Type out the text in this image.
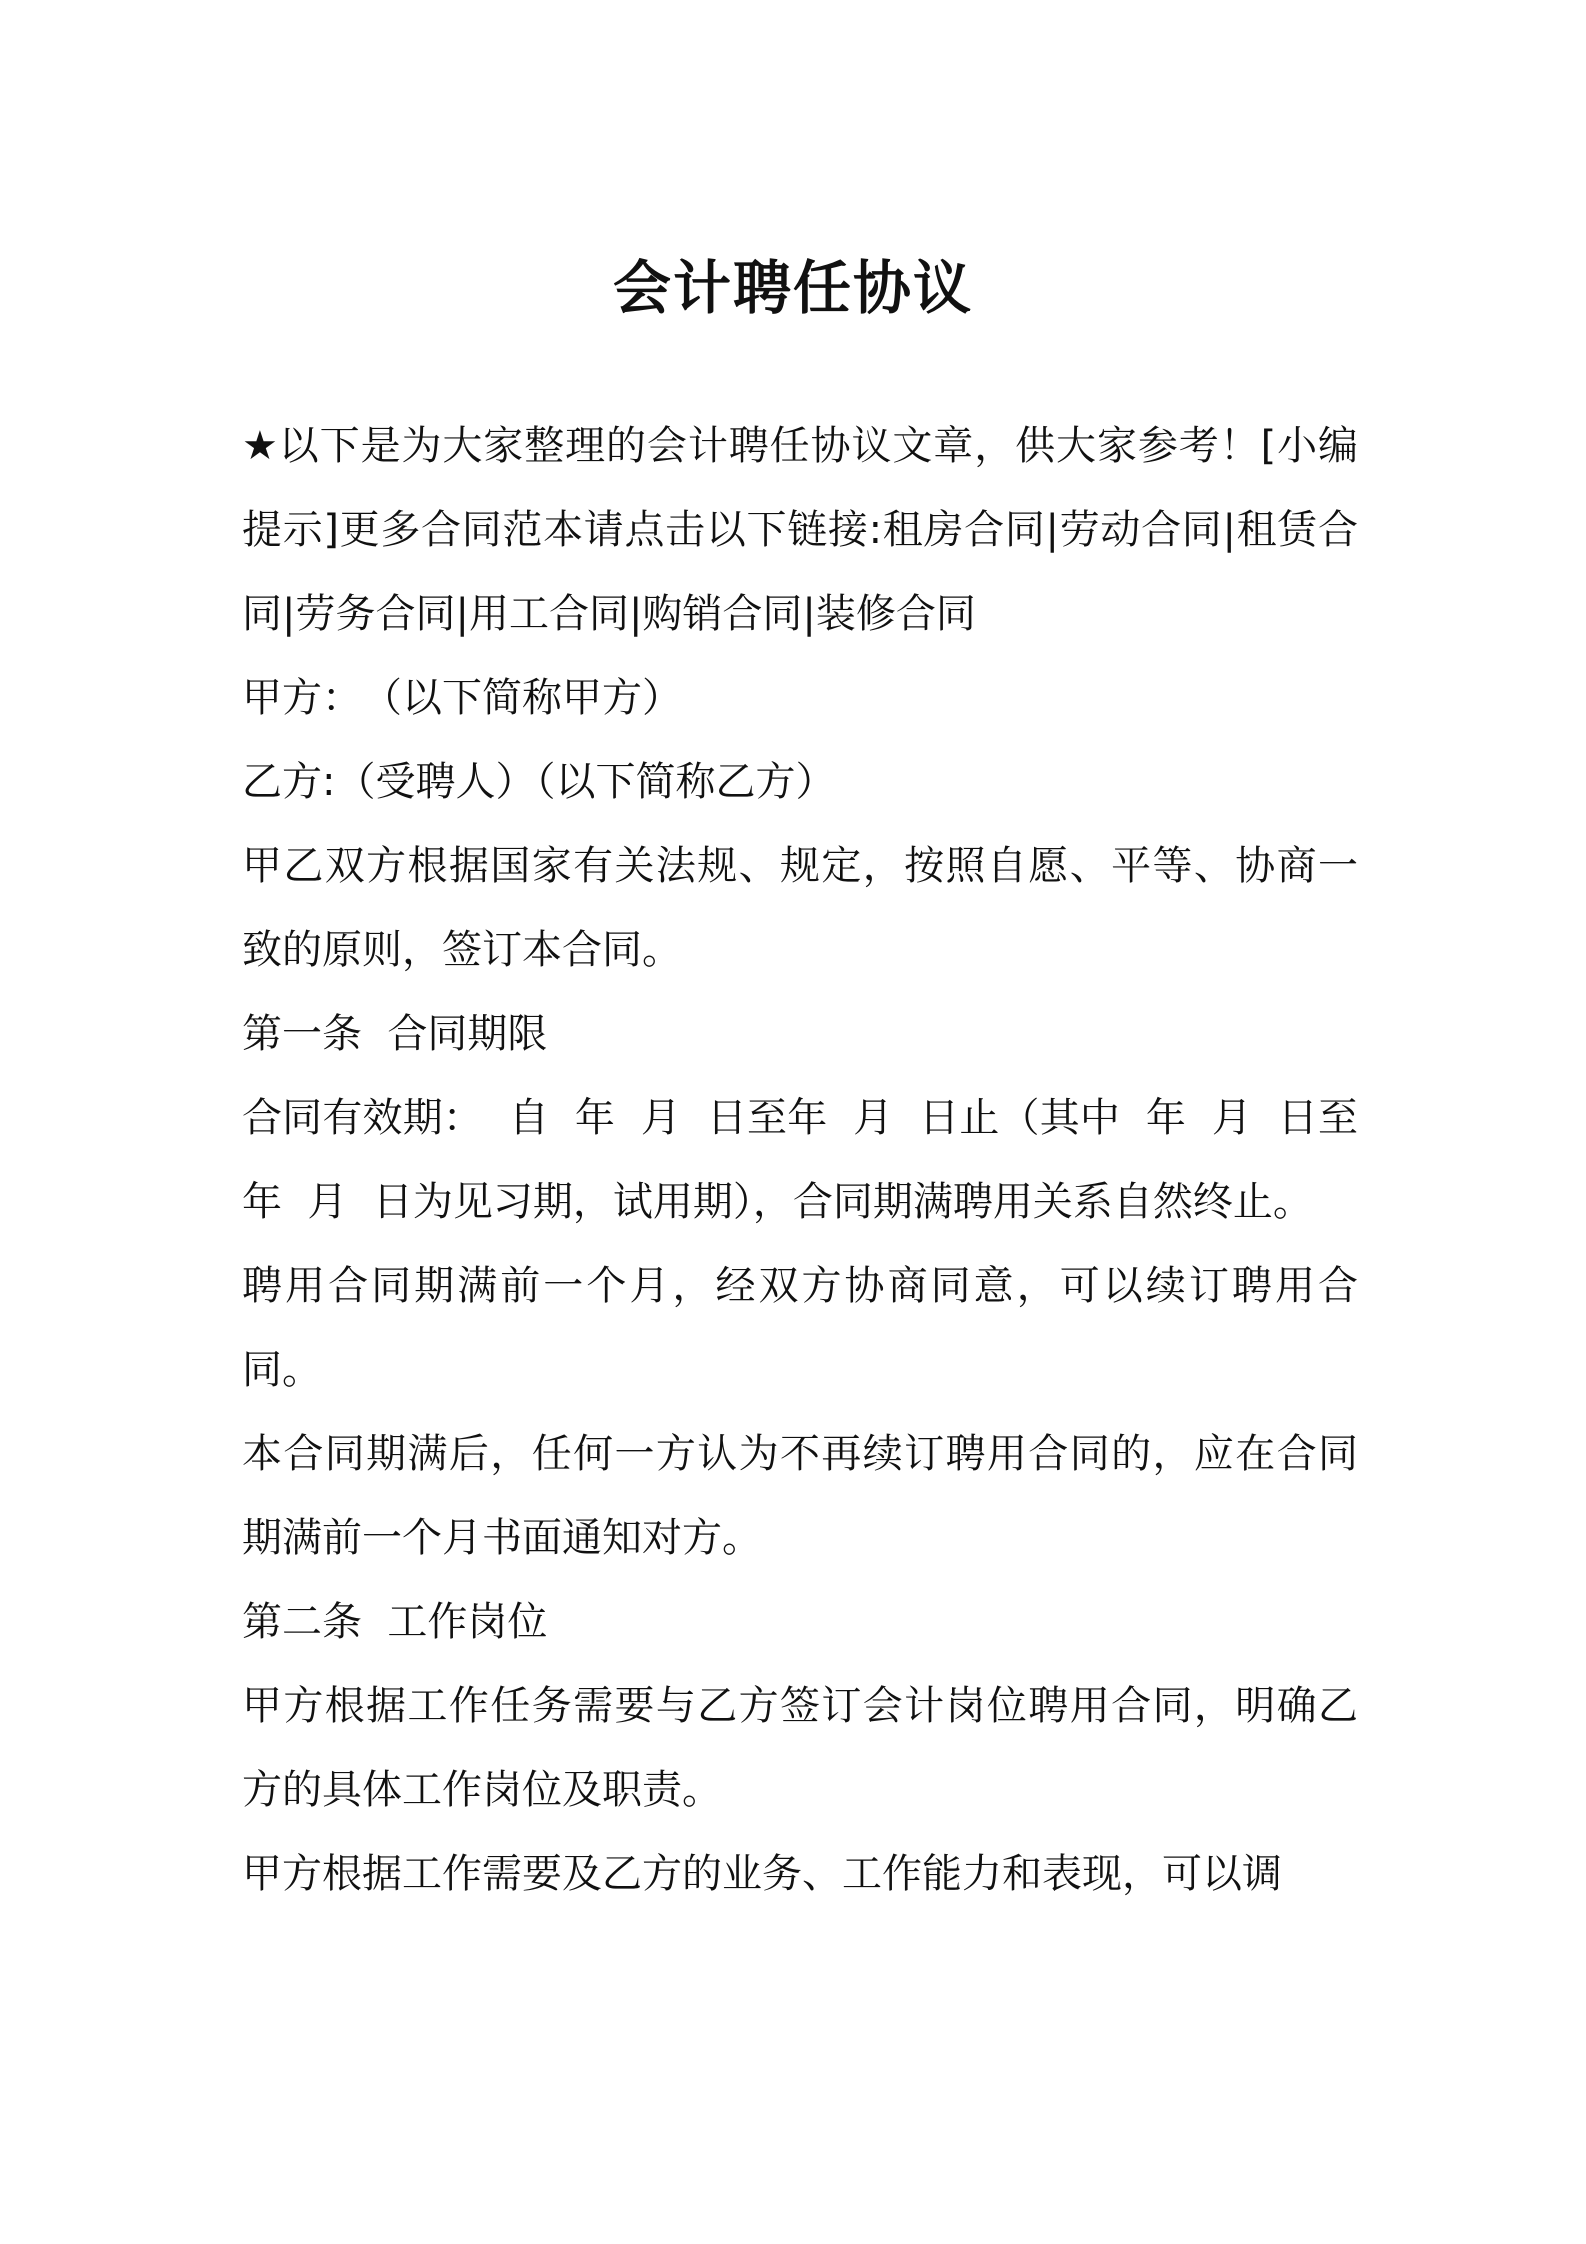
会计聘任协议

★以下是为大家整理的会计聘任协议文章，供大家参考！[小编提示]更多合同范本请点击以下链接:租房合同|劳动合同|租赁合同|劳务合同|用工合同|购销合同|装修合同

甲方：　（以下简称甲方）

乙方:（受聘人）（以下简称乙方）

甲乙双方根据国家有关法规、规定，按照自愿、平等、协商一致的原则，签订本合同。

第一条  合同期限

合同有效期：  自  年  月  日至年  月  日止（其中  年  月  日至  年  月  日为见习期，试用期），合同期满聘用关系自然终止。

聘用合同期满前一个月，经双方协商同意，可以续订聘用合同。

本合同期满后，任何一方认为不再续订聘用合同的，应在合同期满前一个月书面通知对方。

第二条  工作岗位

甲方根据工作任务需要与乙方签订会计岗位聘用合同，明确乙方的具体工作岗位及职责。

甲方根据工作需要及乙方的业务、工作能力和表现，可以调
